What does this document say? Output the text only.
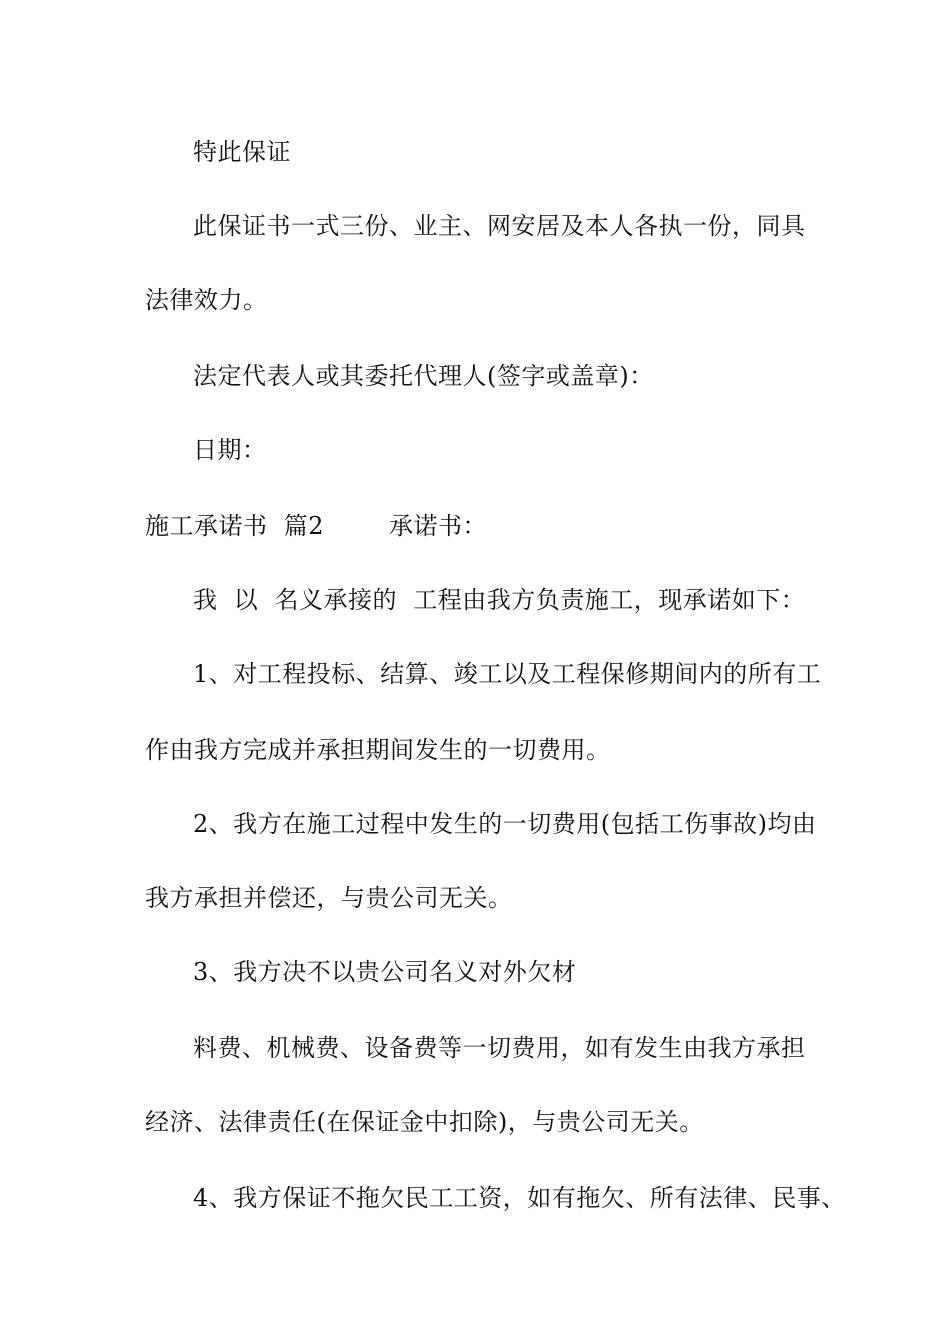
特此保证
此保证书一式三份、业主、网安居及本人各执一份，同具
法律效力。
法定代表人或其委托代理人(签字或盖章)：
日期：
施工承诺书  篇2        承诺书：
我  以  名义承接的  工程由我方负责施工，现承诺如下：
1、对工程投标、结算、竣工以及工程保修期间内的所有工
作由我方完成并承担期间发生的一切费用。
2、我方在施工过程中发生的一切费用(包括工伤事故)均由
我方承担并偿还，与贵公司无关。
3、我方决不以贵公司名义对外欠材
料费、机械费、设备费等一切费用，如有发生由我方承担
经济、法律责任(在保证金中扣除)，与贵公司无关。
4、我方保证不拖欠民工工资，如有拖欠、所有法律、民事、
